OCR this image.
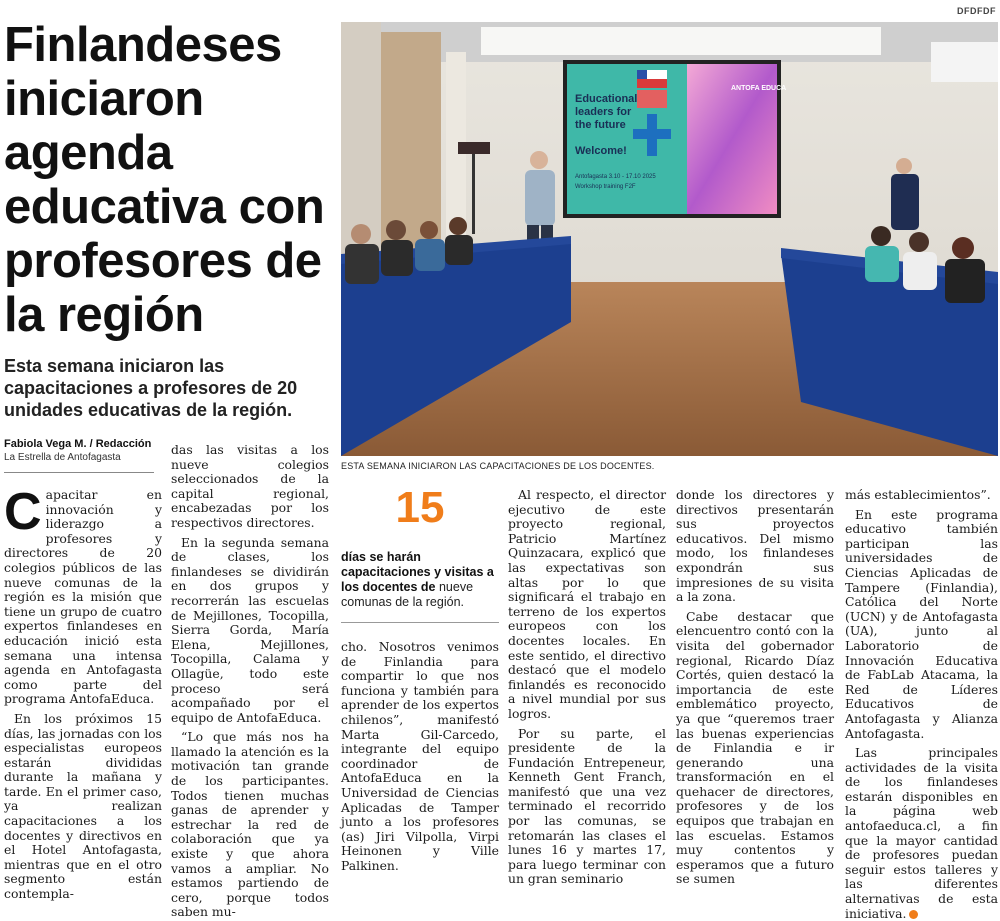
DFDFDF
Finlandeses iniciaron agenda educativa con profesores de la región

Esta semana iniciaron las capacitaciones a profesores de 20 unidades educativas de la región.

Fabiola Vega M. / Redacción
La Estrella de Antofagasta
Educational
leaders for
the future
Welcome!
Antofagasta 3.10 - 17.10 2025
Workshop training F2F
ANTOFA EDUCA
ESTA SEMANA INICIARON LAS CAPACITACIONES DE LOS DOCENTES.

Capacitar en innovación y liderazgo a profesores y directores de 20 colegios públicos de las nueve comunas de la región es la misión que tiene un grupo de cuatro expertos finlandeses en educación inició esta semana una intensa agenda en Antofagasta como parte del programa AntofaEduca.

En los próximos 15 días, las jornadas con los especialistas europeos estarán divididas durante la mañana y tarde. En el primer caso, ya realizan capacitaciones a los docentes y directivos en el Hotel Antofagasta, mientras que en el otro segmento están contempla-

das las visitas a los nueve colegios seleccionados de la capital regional, encabezadas por los respectivos directores.

En la segunda semana de clases, los finlandeses se dividirán en dos grupos y recorrerán las escuelas de Mejillones, Tocopilla, Sierra Gorda, María Elena, Mejillones, Tocopilla, Calama y Ollagüe, todo este proceso será acompañado por el equipo de AntofaEduca.

“Lo que más nos ha llamado la atención es la motivación tan grande de los participantes. Todos tienen muchas ganas de aprender y estrechar la red de colaboración que ya existe y que ahora vamos a ampliar. No estamos partiendo de cero, porque todos saben mu-

15
días se harán capacitaciones y visitas a los docentes de nueve comunas de la región.

cho. Nosotros venimos de Finlandia para compartir lo que nos funciona y también para aprender de los expertos chilenos”, manifestó Marta Gil-Carcedo, integrante del equipo coordinador de AntofaEduca en la Universidad de Ciencias Aplicadas de Tamper junto a los profesores (as) Jiri Vilpolla, Virpi Heinonen y Ville Palkinen.

Al respecto, el director ejecutivo de este proyecto regional, Patricio Martínez Quinzacara, explicó que las expectativas son altas por lo que significará el trabajo en terreno de los expertos europeos con los docentes locales. En este sentido, el directivo destacó que el modelo finlandés es reconocido a nivel mundial por sus logros.

Por su parte, el presidente de la Fundación Entrepeneur, Kenneth Gent Franch, manifestó que una vez terminado el recorrido por las comunas, se retomarán las clases el lunes 16 y martes 17, para luego terminar con un gran seminario

donde los directores y directivos presentarán sus proyectos educativos. Del mismo modo, los finlandeses expondrán sus impresiones de su visita a la zona.

Cabe destacar que elencuentro contó con la visita del gobernador regional, Ricardo Díaz Cortés, quien destacó la importancia de este emblemático proyecto, ya que “queremos traer las buenas experiencias de Finlandia e ir generando una transformación en el quehacer de directores, profesores y de los equipos que trabajan en las escuelas. Estamos muy contentos y esperamos que a futuro se sumen

más establecimientos”.

En este programa educativo también participan las universidades de Ciencias Aplicadas de Tampere (Finlandia), Católica del Norte (UCN) y de Antofagasta (UA), junto al Laboratorio de Innovación Educativa de FabLab Atacama, la Red de Líderes Educativos de Antofagasta y Alianza Antofagasta.

Las principales actividades de la visita de los finlandeses estarán disponibles en la página web antofaeduca.cl, a fin que la mayor cantidad de profesores puedan seguir estos talleres y las diferentes alternativas de esta iniciativa.
